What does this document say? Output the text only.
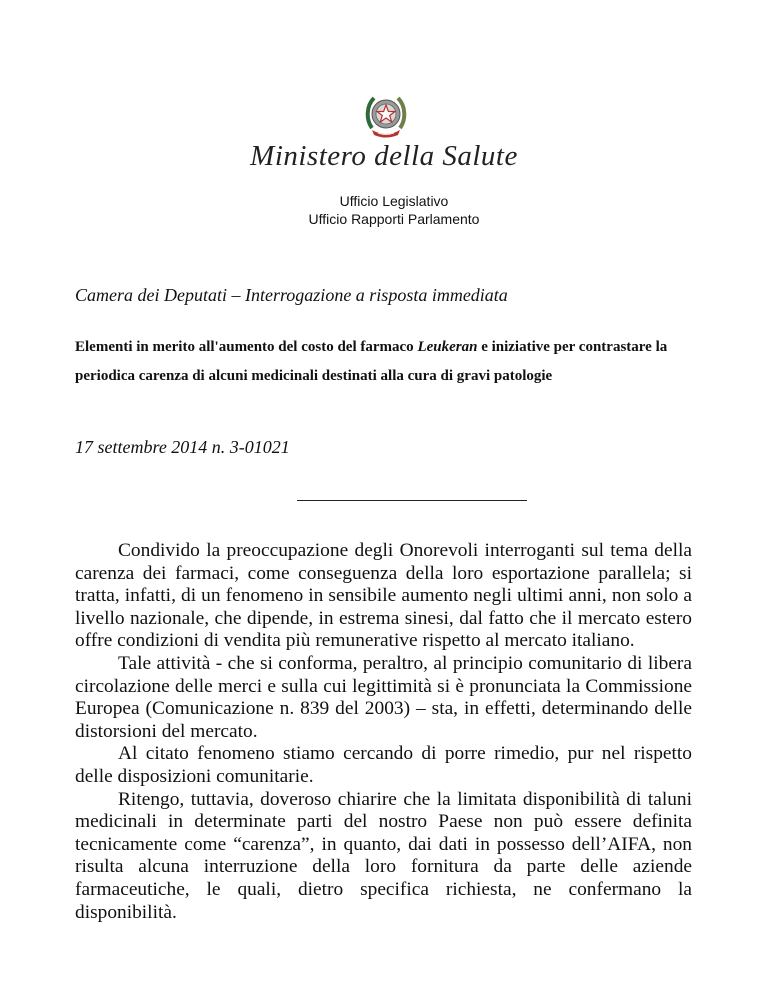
Ministero della Salute
Ufficio Legislativo
Ufficio Rapporti Parlamento
Camera dei Deputati – Interrogazione a risposta immediata
Elementi in merito all'aumento del costo del farmaco Leukeran e iniziative per contrastare la periodica carenza di alcuni medicinali destinati alla cura di gravi patologie
17 settembre 2014 n. 3-01021

Condivido la preoccupazione degli Onorevoli interroganti sul tema della carenza dei farmaci, come conseguenza della loro esportazione parallela; si tratta, infatti, di un fenomeno in sensibile aumento negli ultimi anni, non solo a livello nazionale, che dipende, in estrema sinesi, dal fatto che il mercato estero offre condizioni di vendita più remunerative rispetto al mercato italiano.

Tale attività - che si conforma, peraltro, al principio comunitario di libera circolazione delle merci e sulla cui legittimità si è pronunciata la Commissione Europea (Comunicazione n. 839 del 2003) – sta, in effetti, determinando delle distorsioni del mercato.

Al citato fenomeno stiamo cercando di porre rimedio, pur nel rispetto delle disposizioni comunitarie.

Ritengo, tuttavia, doveroso chiarire che la limitata disponibilità di taluni medicinali in determinate parti del nostro Paese non può essere definita tecnicamente come “carenza”, in quanto, dai dati in possesso dell’AIFA, non risulta alcuna interruzione della loro fornitura da parte delle aziende farmaceutiche, le quali, dietro specifica richiesta, ne confermano la disponibilità.
